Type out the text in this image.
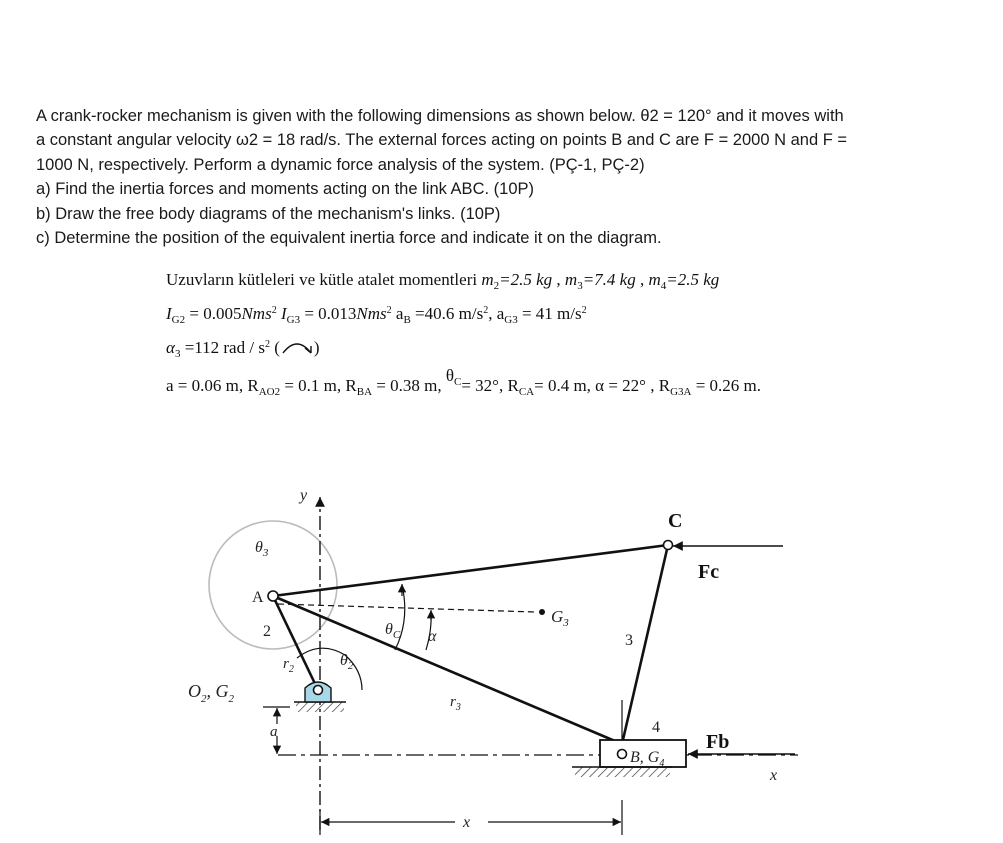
A crank-rocker mechanism is given with the following dimensions as shown below. θ2 = 120° and it moves with

a constant angular velocity ω2 = 18 rad/s. The external forces acting on points B and C are F = 2000 N and F =

1000 N, respectively. Perform a dynamic force analysis of the system. (PÇ-1, PÇ-2)

a) Find the inertia forces and moments acting on the link ABC. (10P)

b) Draw the free body diagrams of the mechanism's links. (10P)

c) Determine the position of the equivalent inertia force and indicate it on the diagram.

Uzuvların kütleleri ve kütle atalet momentleri $m_2=2.5$ kg , $m_3=7.4$ kg , $m_4=2.5$ kg
$I_{G2} = 0.005Nms^2$ $I_{G3} = 0.013Nms^2$ $a_B =40.6$ $m/s^2$, $a_{G3} = 41$ $m/s^2$
$\alpha_3 =112$ rad / $s^2$ ( )
a = 0.06 m, $R_{AO2} = 0.1$ m, $R_{BA} = 0.38$ m, $\theta_C= 32^\circ$, $R_{CA}= 0.4$ m, α = 22° , $R_{G3A} = 0.26$ m.
y
x
a
x
$G_3$
$\theta_C$ α
$\theta_3$
$\theta_2$
$r_2$
$r_3$
2
3
4
A
$O_2$, $G_2$
B, $G_4$
Fb
C
Fc
